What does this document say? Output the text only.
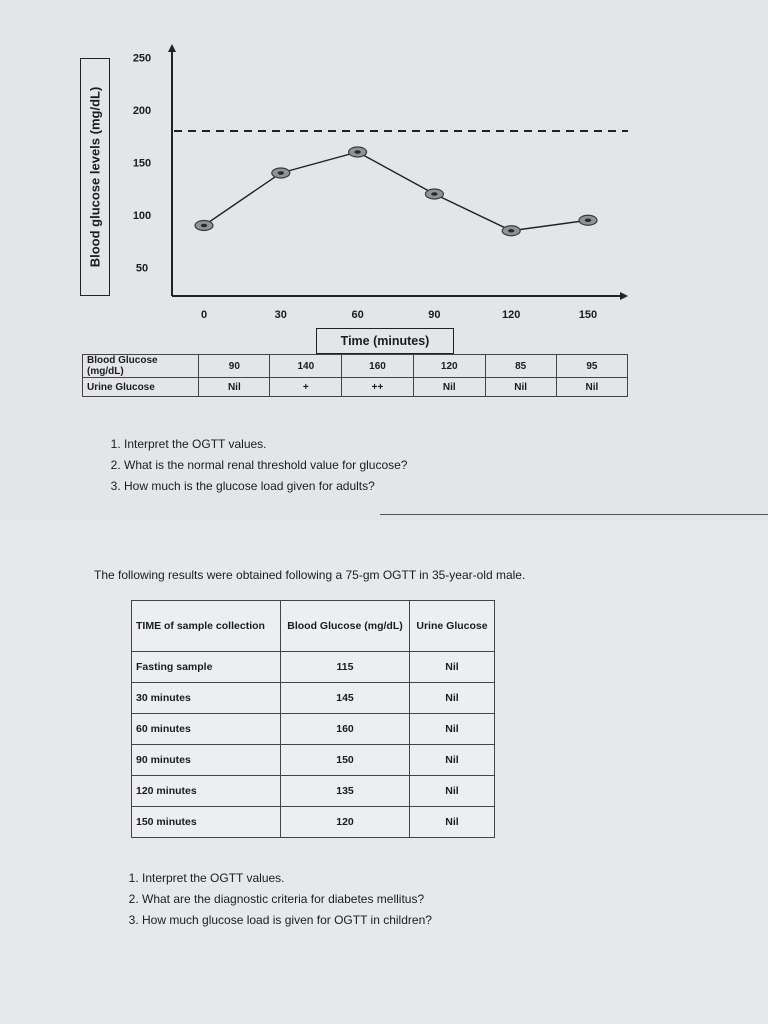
50
100
150
200
250
0	30	60	90	120	150
Blood glucose levels (mg/dL)
Time (minutes)
Blood Glucose (mg/dL)	90	140	160	120	85	95
Urine Glucose	Nil	+	++	Nil	Nil	Nil
1. Interpret the OGTT values.
2. What is the normal renal threshold value for glucose?
3. How much is the glucose load given for adults?
The following results were obtained following a 75-gm OGTT in 35-year-old male.
TIME of sample collection	Blood Glucose (mg/dL)	Urine Glucose
Fasting sample	115	Nil
30 minutes	145	Nil
60 minutes	160	Nil
90 minutes	150	Nil
120 minutes	135	Nil
150 minutes	120	Nil
1. Interpret the OGTT values.
2. What are the diagnostic criteria for diabetes mellitus?
3. How much glucose load is given for OGTT in children?
